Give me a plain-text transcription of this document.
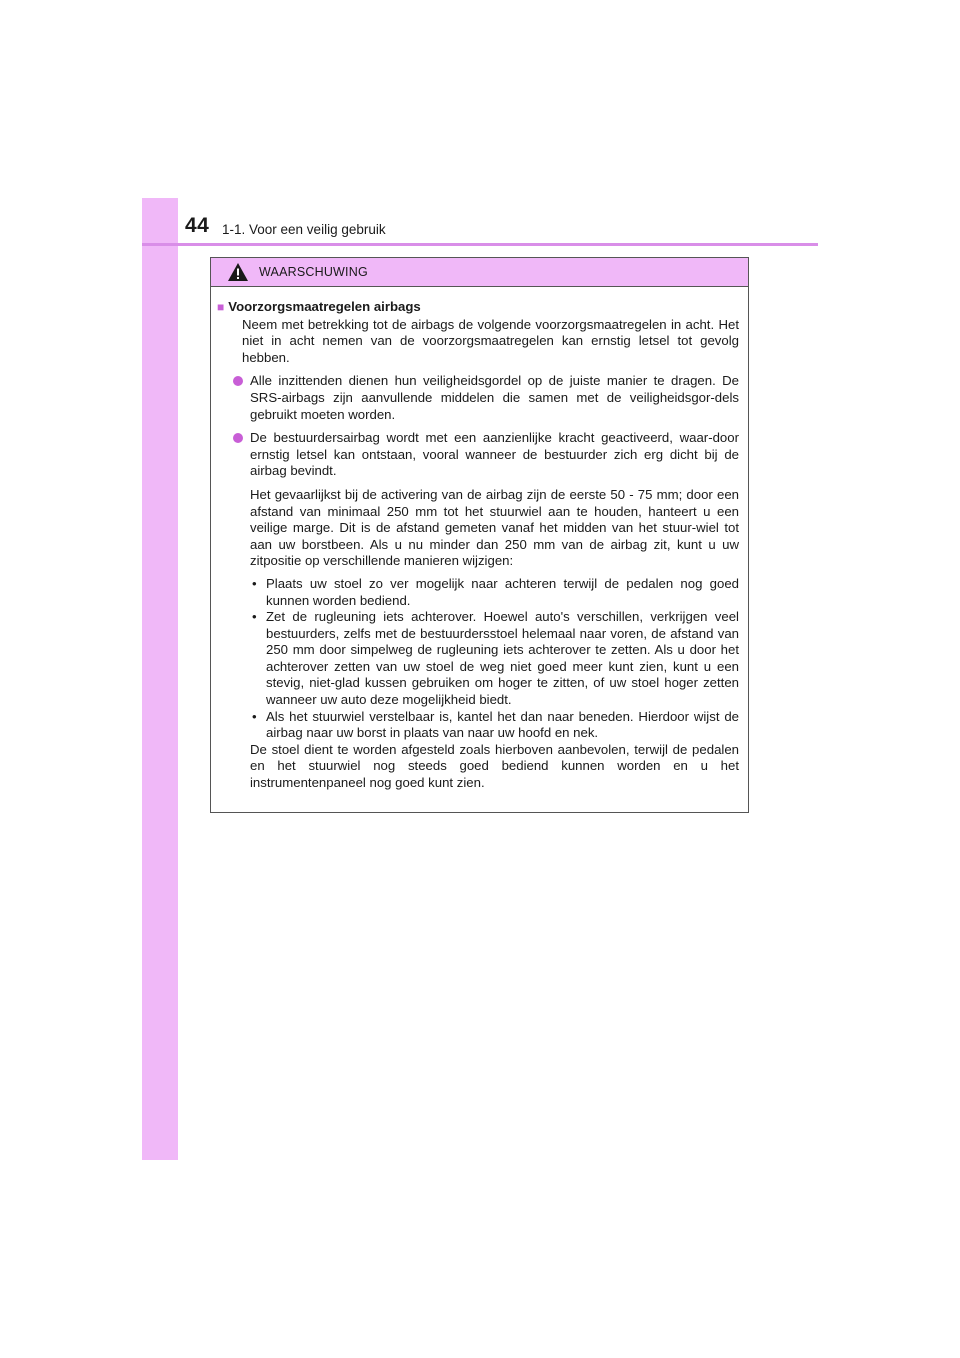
44 1-1. Voor een veilig gebruik
WAARSCHUWING
■ Voorzorgsmaatregelen airbags

Neem met betrekking tot de airbags de volgende voorzorgsmaatregelen in acht. Het niet in acht nemen van de voorzorgsmaatregelen kan ernstig letsel tot gevolg hebben.

Alle inzittenden dienen hun veiligheidsgordel op de juiste manier te dragen. De SRS-airbags zijn aanvullende middelen die samen met de veiligheidsgor-dels gebruikt moeten worden.
De bestuurdersairbag wordt met een aanzienlijke kracht geactiveerd, waar-door ernstig letsel kan ontstaan, vooral wanneer de bestuurder zich erg dicht bij de airbag bevindt.

Het gevaarlijkst bij de activering van de airbag zijn de eerste 50 - 75 mm; door een afstand van minimaal 250 mm tot het stuurwiel aan te houden, hanteert u een veilige marge. Dit is de afstand gemeten vanaf het midden van het stuur-wiel tot aan uw borstbeen. Als u nu minder dan 250 mm van de airbag zit, kunt u uw zitpositie op verschillende manieren wijzigen:

• Plaats uw stoel zo ver mogelijk naar achteren terwijl de pedalen nog goed kunnen worden bediend.
• Zet de rugleuning iets achterover. Hoewel auto's verschillen, verkrijgen veel bestuurders, zelfs met de bestuurdersstoel helemaal naar voren, de afstand van 250 mm door simpelweg de rugleuning iets achterover te zetten. Als u door het achterover zetten van uw stoel de weg niet goed meer kunt zien, kunt u een stevig, niet-glad kussen gebruiken om hoger te zitten, of uw stoel hoger zetten wanneer uw auto deze mogelijkheid biedt.
• Als het stuurwiel verstelbaar is, kantel het dan naar beneden. Hierdoor wijst de airbag naar uw borst in plaats van naar uw hoofd en nek.

De stoel dient te worden afgesteld zoals hierboven aanbevolen, terwijl de pedalen en het stuurwiel nog steeds goed bediend kunnen worden en u het instrumentenpaneel nog goed kunt zien.
